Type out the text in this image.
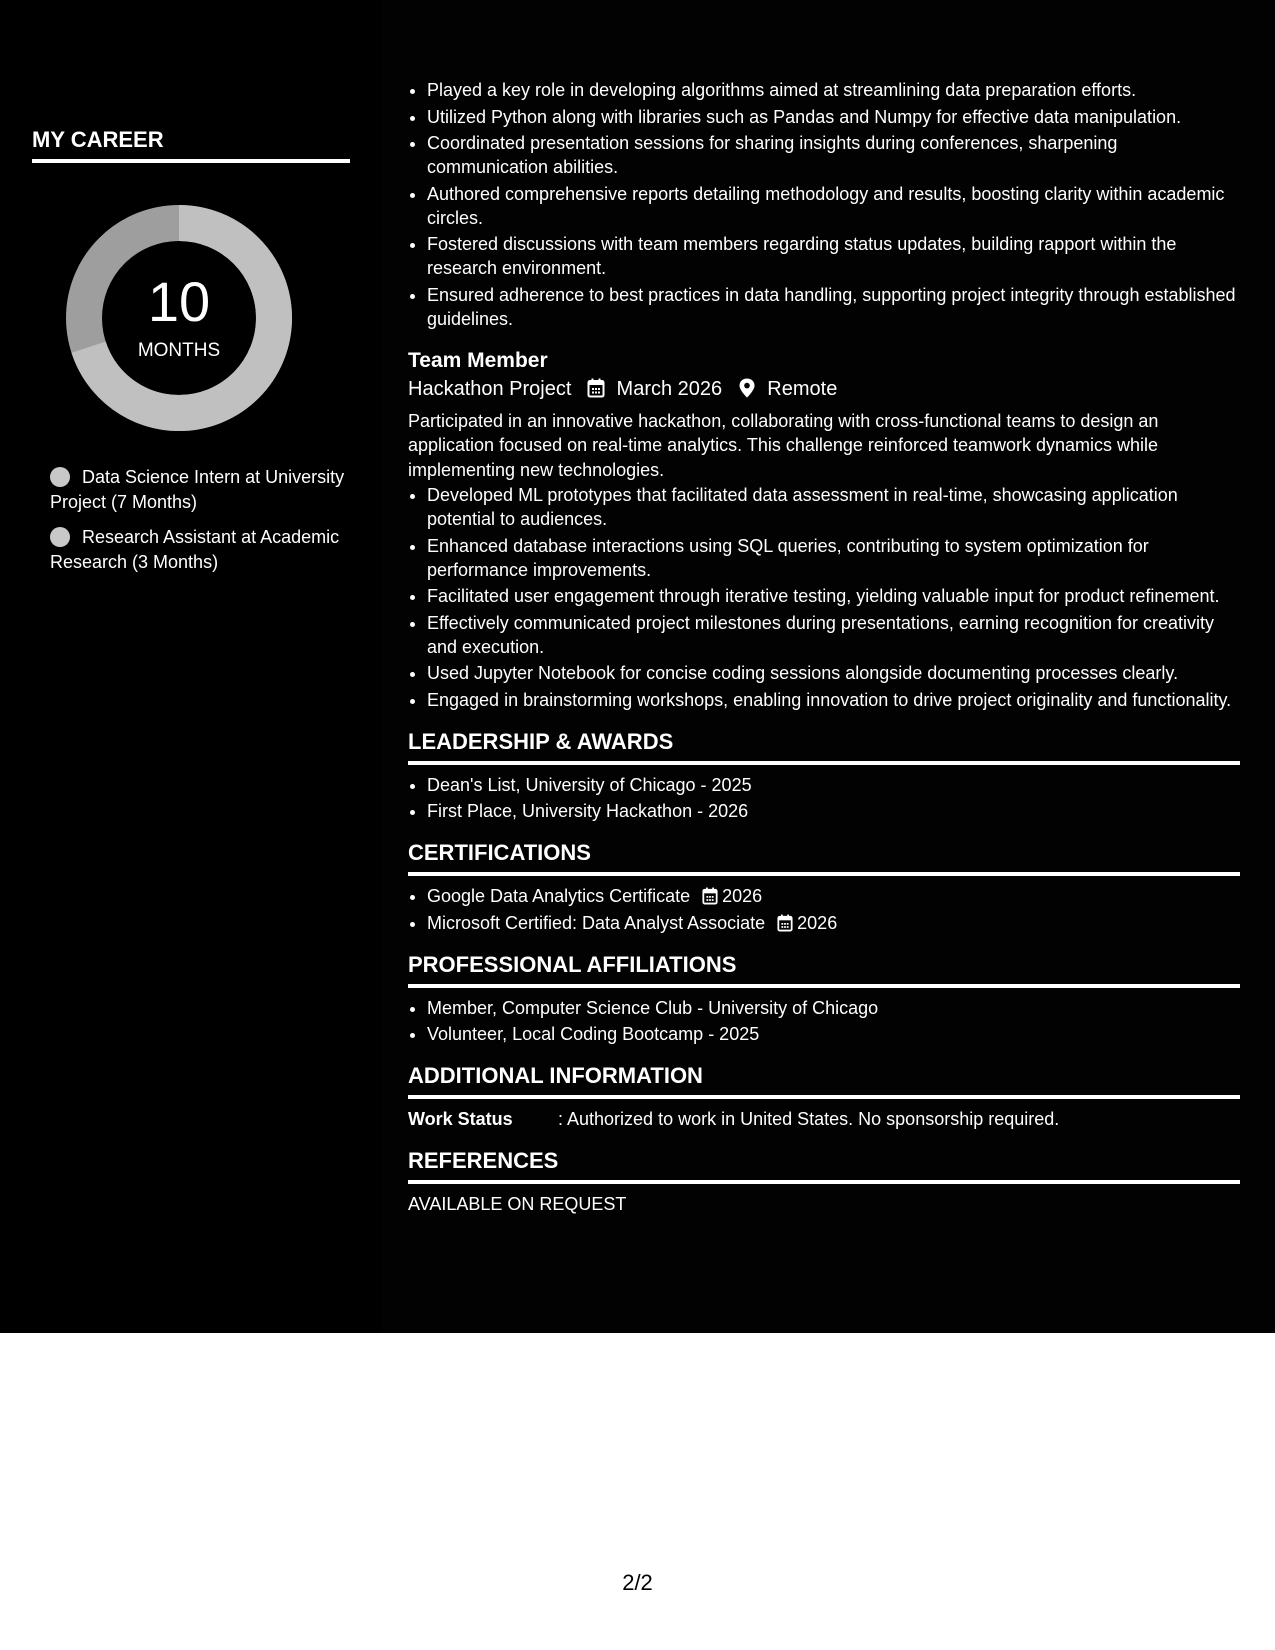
MY CAREER
10
MONTHS
Data Science Intern at University Project (7 Months)
Research Assistant at Academic Research (3 Months)
• Played a key role in developing algorithms aimed at streamlining data preparation efforts.
• Utilized Python along with libraries such as Pandas and Numpy for effective data manipulation.
• Coordinated presentation sessions for sharing insights during conferences, sharpening communication abilities.
• Authored comprehensive reports detailing methodology and results, boosting clarity within academic circles.
• Fostered discussions with team members regarding status updates, building rapport within the research environment.
• Ensured adherence to best practices in data handling, supporting project integrity through established guidelines.
Team Member
Hackathon Project March 2026 Remote
Participated in an innovative hackathon, collaborating with cross-functional teams to design an application focused on real-time analytics. This challenge reinforced teamwork dynamics while implementing new technologies.
• Developed ML prototypes that facilitated data assessment in real-time, showcasing application potential to audiences.
• Enhanced database interactions using SQL queries, contributing to system optimization for performance improvements.
• Facilitated user engagement through iterative testing, yielding valuable input for product refinement.
• Effectively communicated project milestones during presentations, earning recognition for creativity and execution.
• Used Jupyter Notebook for concise coding sessions alongside documenting processes clearly.
• Engaged in brainstorming workshops, enabling innovation to drive project originality and functionality.
LEADERSHIP & AWARDS
• Dean's List, University of Chicago - 2025
• First Place, University Hackathon - 2026
CERTIFICATIONS
• Google Data Analytics Certificate 2026
• Microsoft Certified: Data Analyst Associate 2026
PROFESSIONAL AFFILIATIONS
• Member, Computer Science Club - University of Chicago
• Volunteer, Local Coding Bootcamp - 2025
ADDITIONAL INFORMATION
Work Status	: Authorized to work in United States. No sponsorship required.
REFERENCES
AVAILABLE ON REQUEST
2/2
